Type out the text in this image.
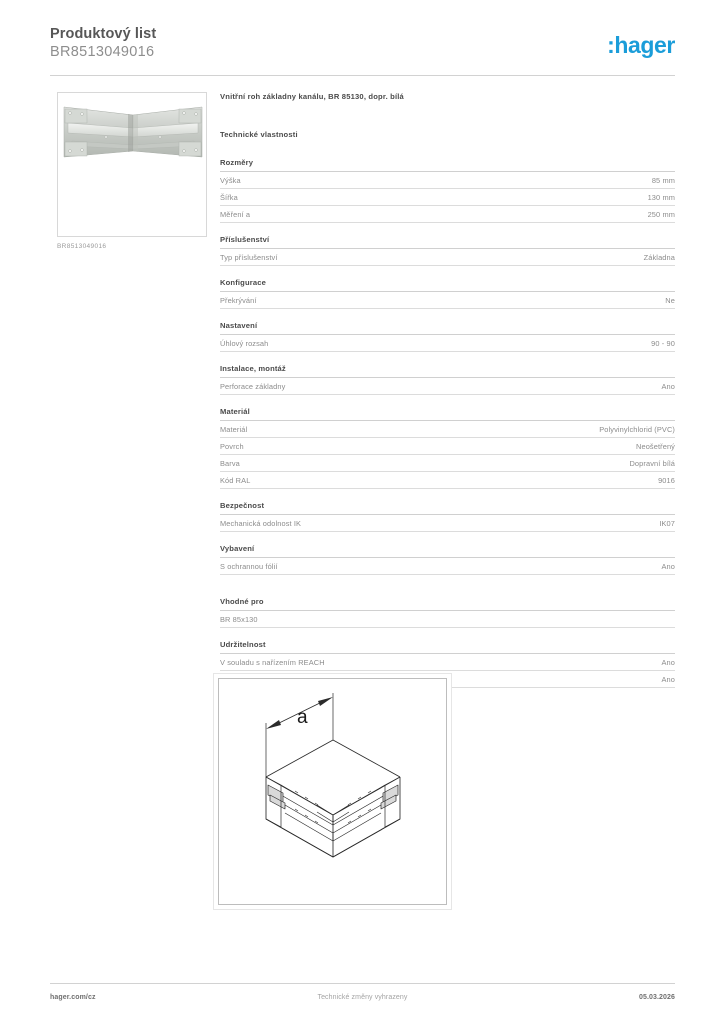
Produktový list
BR8513049016	:hager
BR8513049016
Vnitřní roh základny kanálu, BR 85130, dopr. bílá
Technické vlastnosti
Rozměry
Výška	85 mm
Šířka	130 mm
Měření a	250 mm
Příslušenství
Typ příslušenství	Základna
Konfigurace
Překrývání	Ne
Nastavení
Úhlový rozsah	90 - 90
Instalace, montáž
Perforace základny	Ano
Materiál
Materiál	Polyvinylchlorid (PVC)
Povrch	Neošetřený
Barva	Dopravní bílá
Kód RAL	9016
Bezpečnost
Mechanická odolnost IK	IK07
Vybavení
S ochrannou fólií	Ano
Vhodné pro
BR 85x130
Udržitelnost
V souladu s nařízením REACH	Ano
Ano
a
hager.com/cz	Technické změny vyhrazeny	05.03.2026
